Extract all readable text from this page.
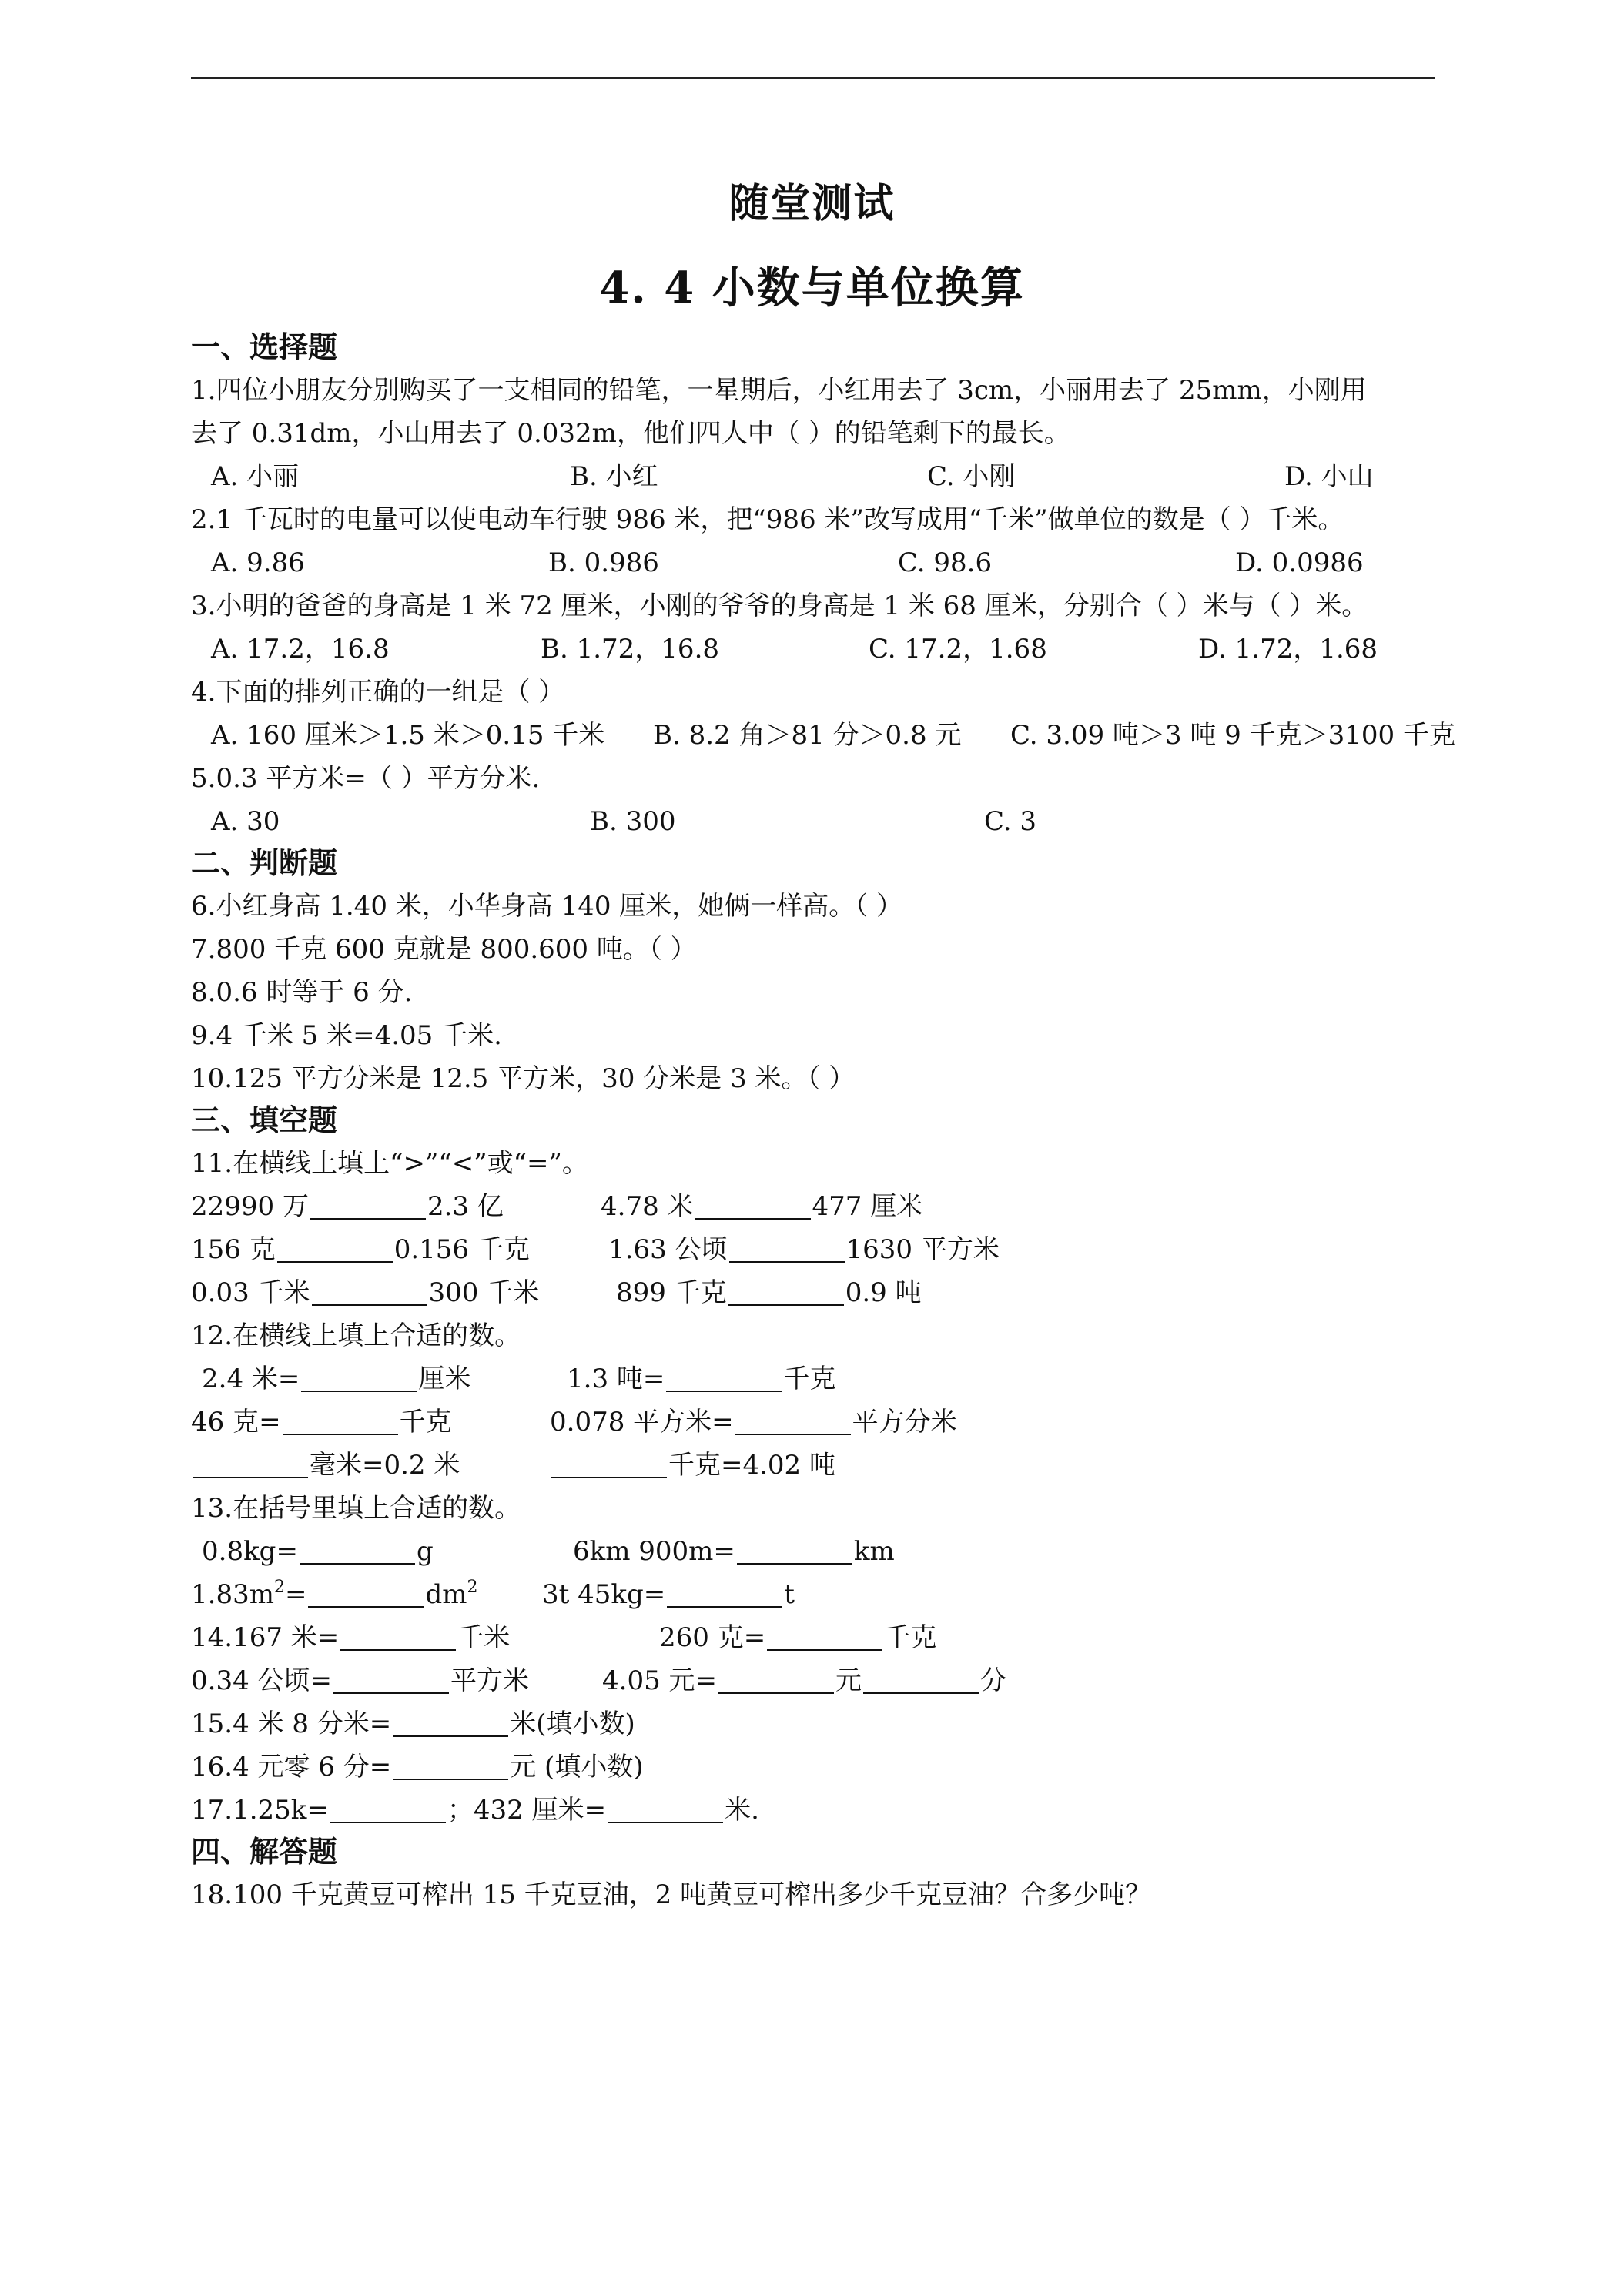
随堂测试
4. 4 小数与单位换算

一、选择题

1.四位小朋友分别购买了一支相同的铅笔，一星期后，小红用去了 3cm，小丽用去了 25mm，小刚用

去了 0.31dm，小山用去了 0.032m，他们四人中（ ）的铅笔剩下的最长。

A. 小丽	B. 小红	C. 小刚	D. 小山

2.1 千瓦时的电量可以使电动车行驶 986 米，把“986 米”改写成用“千米”做单位的数是（ ）千米。

A. 9.86	B. 0.986	C. 98.6	D. 0.0986

3.小明的爸爸的身高是 1 米 72 厘米，小刚的爷爷的身高是 1 米 68 厘米，分别合（ ）米与（ ）米。

A. 17.2，16.8	B. 1.72，16.8	C. 17.2，1.68	D. 1.72，1.68

4.下面的排列正确的一组是（ ）

A. 160 厘米＞1.5 米＞0.15 千米 B. 8.2 角＞81 分＞0.8 元 C. 3.09 吨＞3 吨 9 千克＞3100 千克

5.0.3 平方米=（ ）平方分米．

A. 30	B. 300	C. 3

二、判断题

6.小红身高 1.40 米，小华身高 140 厘米，她俩一样高。（ ）

7.800 千克 600 克就是 800.600 吨。（ ）

8.0.6 时等于 6 分.

9.4 千米 5 米=4.05 千米.

10.125 平方分米是 12.5 平方米，30 分米是 3 米。（ ）

三、填空题

11.在横线上填上“>”“<”或“=”。

22990 万	2.3 亿	4.78 米	477 厘米
156 克	0.156 千克	1.63 公顷	1630 平方米
0.03 千米	300 千米	899 千克	0.9 吨

12.在横线上填上合适的数。

2.4 米=	厘米	1.3 吨=	千克
46 克=	千克	0.078 平方米=	平方分米
毫米=0.2 米	千克=4.02 吨

13.在括号里填上合适的数。

0.8kg=	g	6km 900m=	km
$1.83m^2=$	$dm^2$ 3t 45kg=	t
14.167 米=	千米	260 克=	千克
0.34 公顷=	平方米	4.05 元=	元	分
15.4 米 8 分米=	米(填小数)
16.4 元零 6 分=	元 (填小数)
17.1.25k=	；432 厘米=	米.

四、解答题

18.100 千克黄豆可榨出 15 千克豆油，2 吨黄豆可榨出多少千克豆油？合多少吨？
